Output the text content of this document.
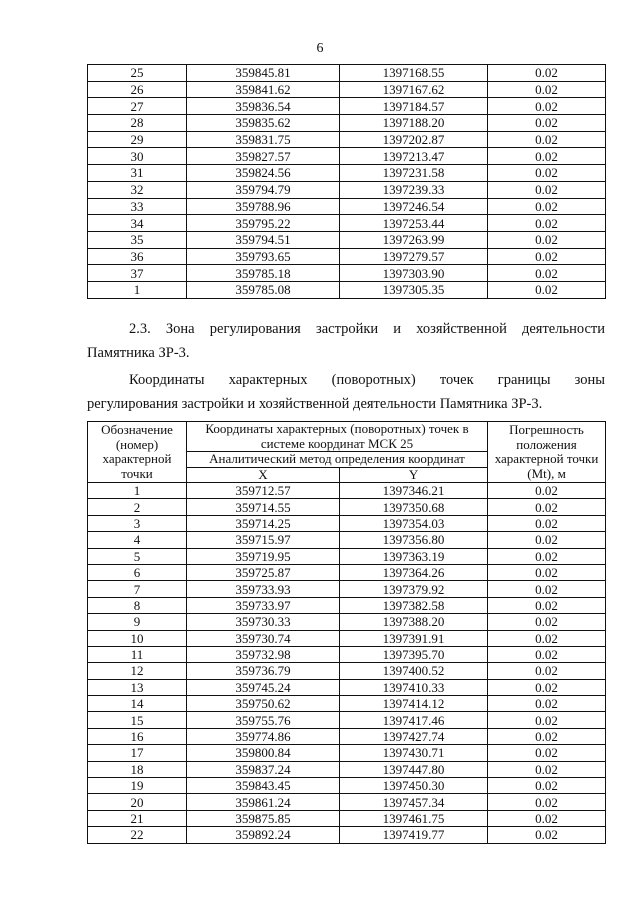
6
25	359845.81	1397168.55	0.02
26	359841.62	1397167.62	0.02
27	359836.54	1397184.57	0.02
28	359835.62	1397188.20	0.02
29	359831.75	1397202.87	0.02
30	359827.57	1397213.47	0.02
31	359824.56	1397231.58	0.02
32	359794.79	1397239.33	0.02
33	359788.96	1397246.54	0.02
34	359795.22	1397253.44	0.02
35	359794.51	1397263.99	0.02
36	359793.65	1397279.57	0.02
37	359785.18	1397303.90	0.02
1	359785.08	1397305.35	0.02
2.3. Зона регулирования застройки и хозяйственной деятельности
Памятника ЗР-3.
Координаты характерных (поворотных) точек границы зоны
регулирования застройки и хозяйственной деятельности Памятника ЗР-3.
Обозначение (номер) характерной точки	Координаты характерных (поворотных) точек в системе координат МСК 25		Погрешность положения характерной точки (Mt), м
	Аналитический метод определения координат		
	X	Y	
1	359712.57	1397346.21	0.02
2	359714.55	1397350.68	0.02
3	359714.25	1397354.03	0.02
4	359715.97	1397356.80	0.02
5	359719.95	1397363.19	0.02
6	359725.87	1397364.26	0.02
7	359733.93	1397379.92	0.02
8	359733.97	1397382.58	0.02
9	359730.33	1397388.20	0.02
10	359730.74	1397391.91	0.02
11	359732.98	1397395.70	0.02
12	359736.79	1397400.52	0.02
13	359745.24	1397410.33	0.02
14	359750.62	1397414.12	0.02
15	359755.76	1397417.46	0.02
16	359774.86	1397427.74	0.02
17	359800.84	1397430.71	0.02
18	359837.24	1397447.80	0.02
19	359843.45	1397450.30	0.02
20	359861.24	1397457.34	0.02
21	359875.85	1397461.75	0.02
22	359892.24	1397419.77	0.02
